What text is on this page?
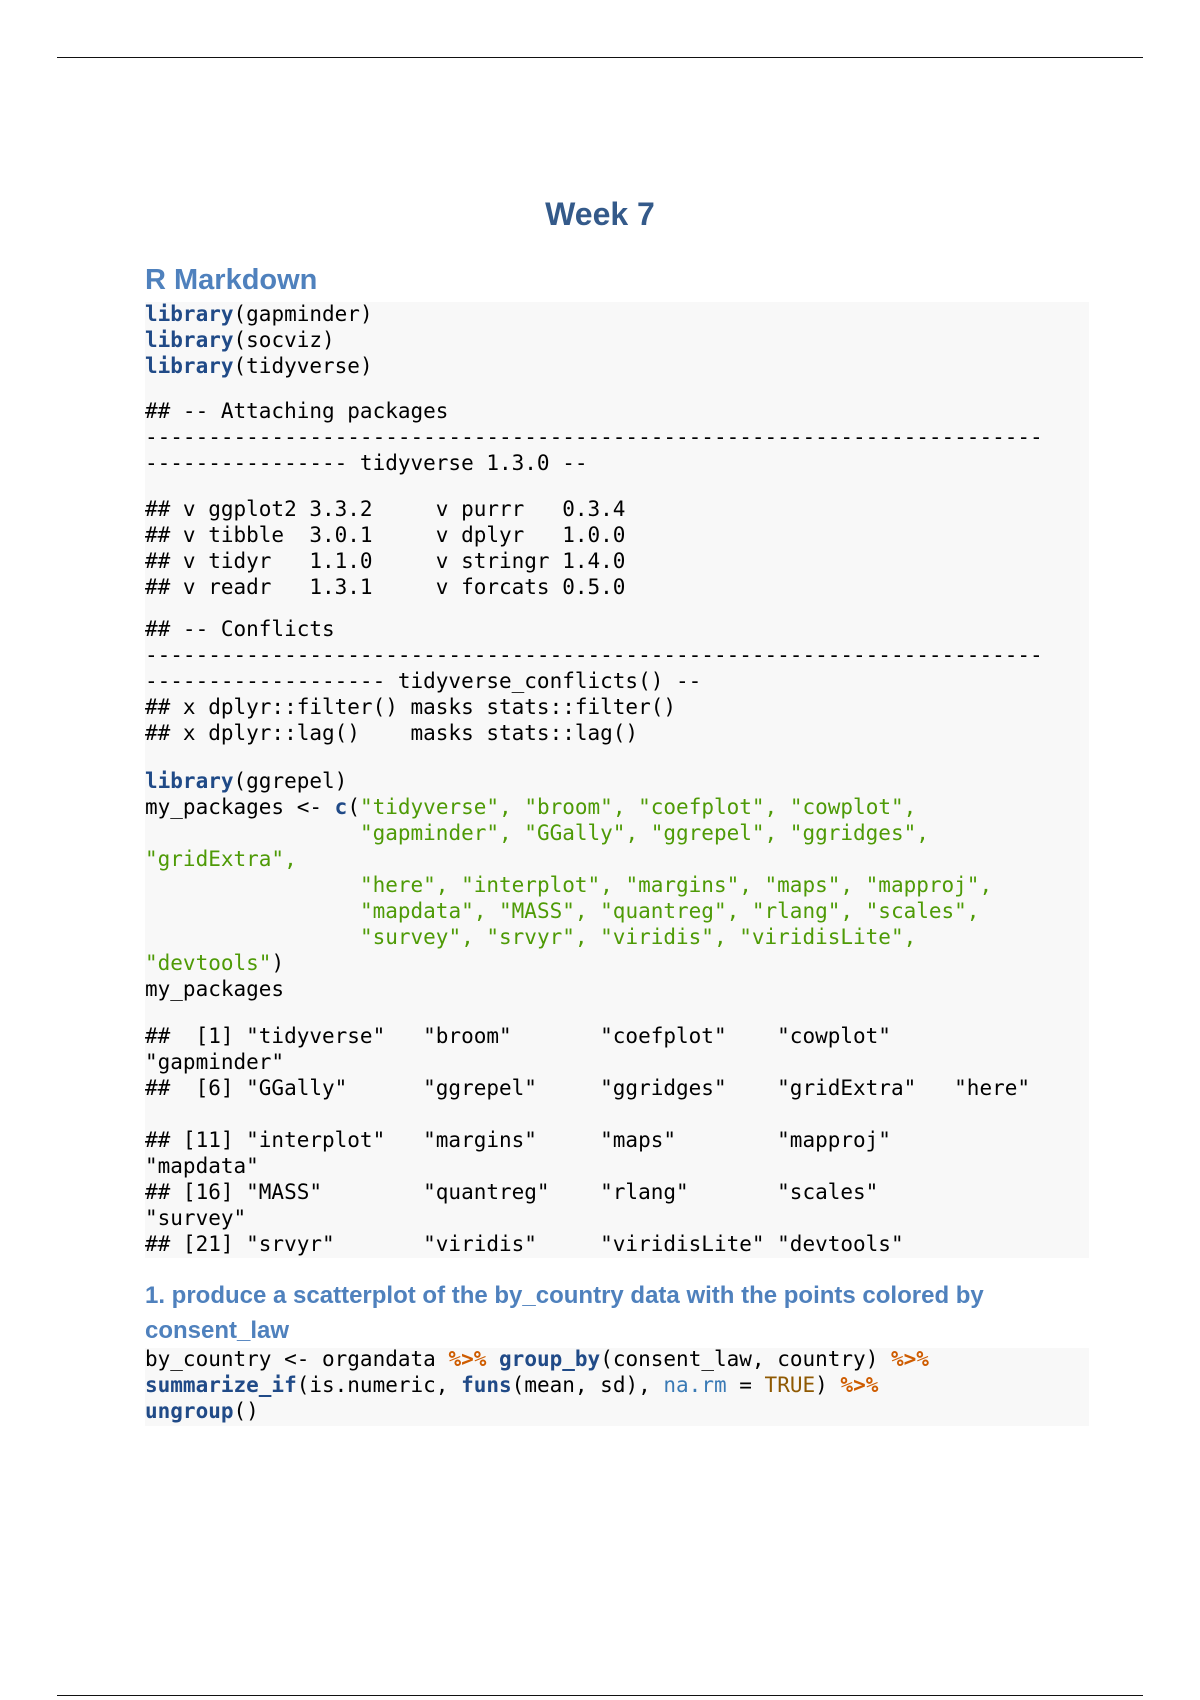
Week 7
R Markdown
library(gapminder)
library(socviz)
library(tidyverse)
## -- Attaching packages
-----------------------------------------------------------------------
---------------- tidyverse 1.3.0 --
## v ggplot2 3.3.2     v purrr   0.3.4
## v tibble  3.0.1     v dplyr   1.0.0
## v tidyr   1.1.0     v stringr 1.4.0
## v readr   1.3.1     v forcats 0.5.0
## -- Conflicts
-----------------------------------------------------------------------
------------------- tidyverse_conflicts() --
## x dplyr::filter() masks stats::filter()
## x dplyr::lag()    masks stats::lag()
library(ggrepel)
my_packages <- c("tidyverse", "broom", "coefplot", "cowplot",
"gapminder", "GGally", "ggrepel", "ggridges",
"gridExtra",
"here", "interplot", "margins", "maps", "mapproj",
"mapdata", "MASS", "quantreg", "rlang", "scales",
"survey", "srvyr", "viridis", "viridisLite",
"devtools")
my_packages
##  [1] "tidyverse"   "broom"       "coefplot"    "cowplot"
"gapminder"
##  [6] "GGally"      "ggrepel"     "ggridges"    "gridExtra"   "here"

## [11] "interplot"   "margins"     "maps"        "mapproj"
"mapdata"
## [16] "MASS"        "quantreg"    "rlang"       "scales"
"survey"
## [21] "srvyr"       "viridis"     "viridisLite" "devtools"
1. produce a scatterplot of the by_country data with the points colored by consent_law
by_country <- organdata %>% group_by(consent_law, country) %>%
summarize_if(is.numeric, funs(mean, sd), na.rm = TRUE) %>%
ungroup()
